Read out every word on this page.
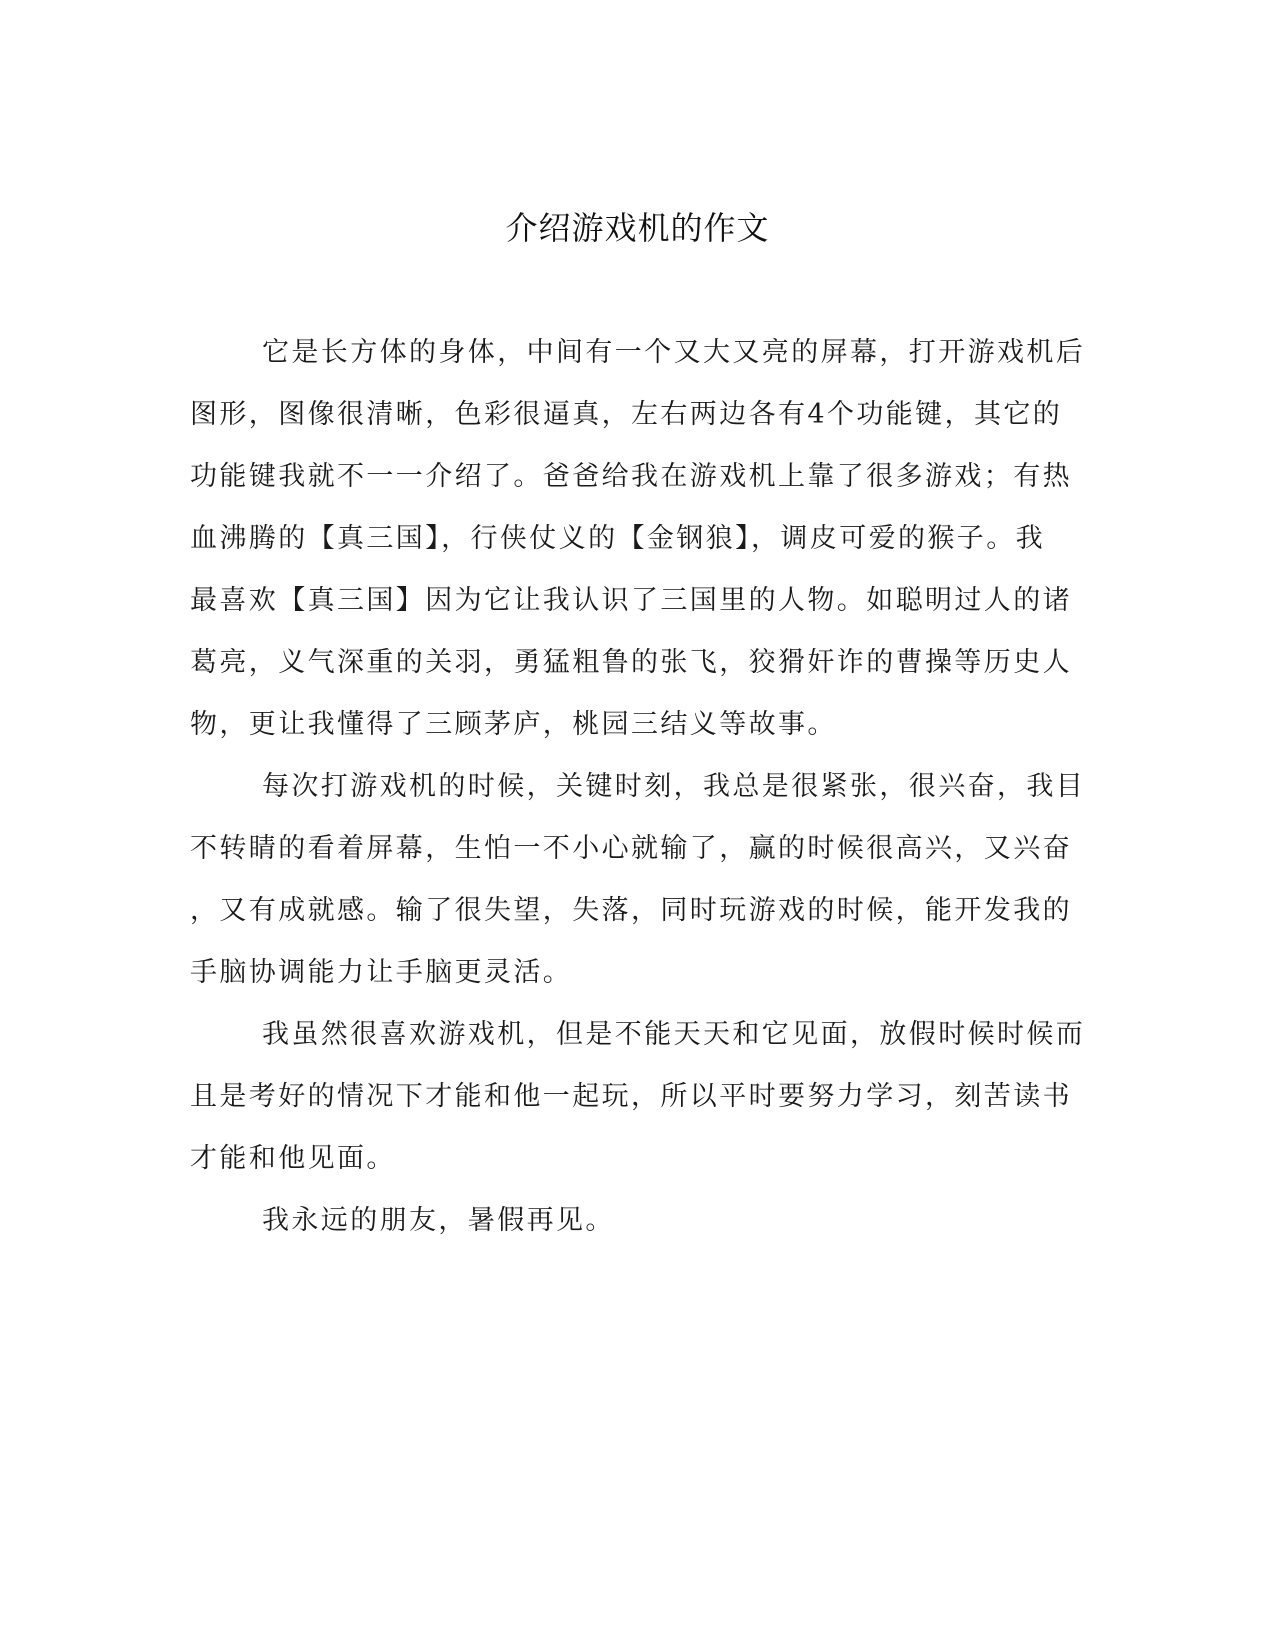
介绍游戏机的作文
它是长方体的身体，中间有一个又大又亮的屏幕，打开游戏机后
图形，图像很清晰，色彩很逼真，左右两边各有4个功能键，其它的
功能键我就不一一介绍了。爸爸给我在游戏机上靠了很多游戏；有热
血沸腾的【真三国】，行侠仗义的【金钢狼】，调皮可爱的猴子。我
最喜欢【真三国】因为它让我认识了三国里的人物。如聪明过人的诸
葛亮，义气深重的关羽，勇猛粗鲁的张飞，狡猾奸诈的曹操等历史人
物，更让我懂得了三顾茅庐，桃园三结义等故事。
每次打游戏机的时候，关键时刻，我总是很紧张，很兴奋，我目
不转睛的看着屏幕，生怕一不小心就输了，赢的时候很高兴，又兴奋
，又有成就感。输了很失望，失落，同时玩游戏的时候，能开发我的
手脑协调能力让手脑更灵活。
我虽然很喜欢游戏机，但是不能天天和它见面，放假时候时候而
且是考好的情况下才能和他一起玩，所以平时要努力学习，刻苦读书
才能和他见面。
我永远的朋友，暑假再见。
